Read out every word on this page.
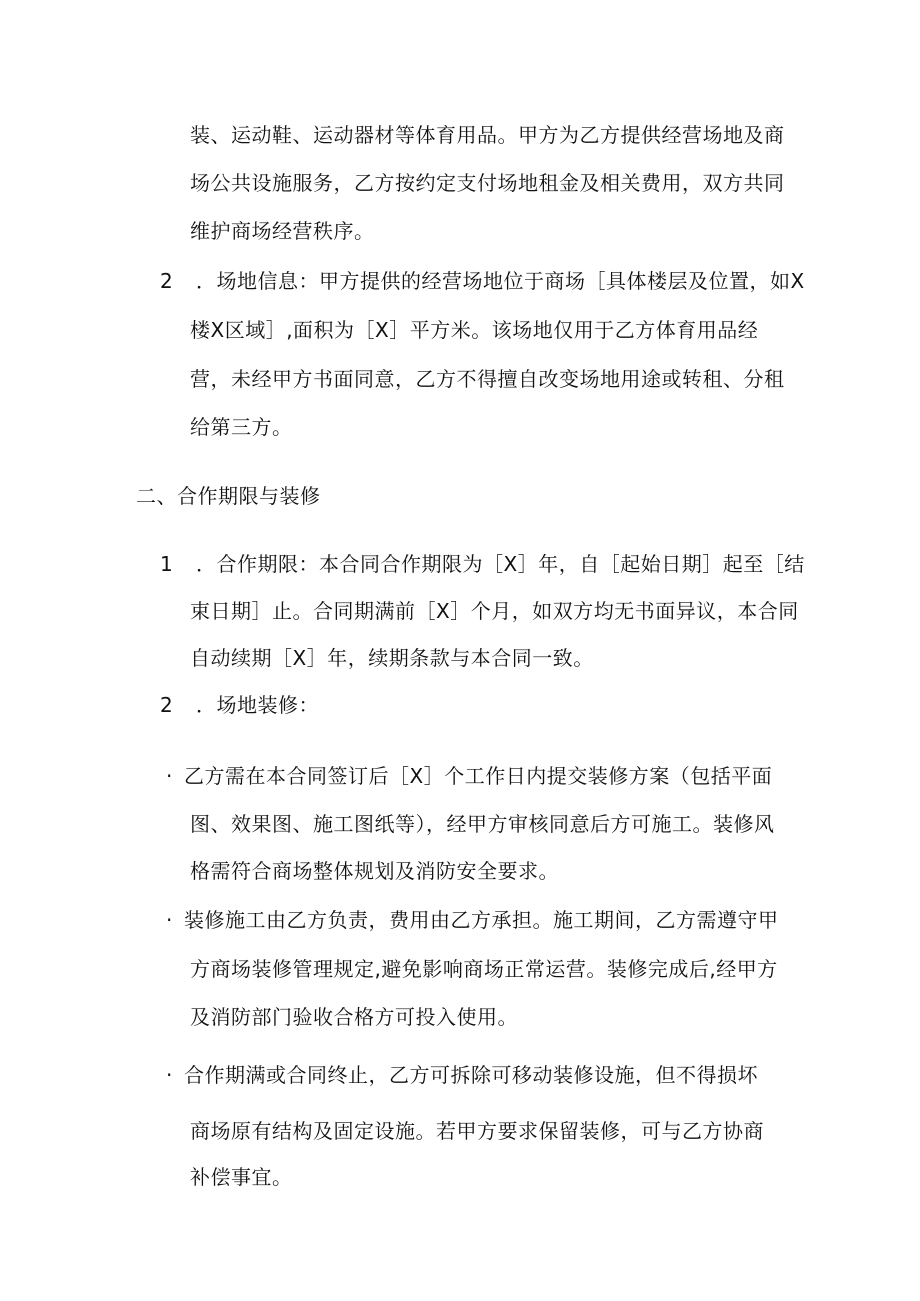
装、运动鞋、运动器材等体育用品。甲方为乙方提供经营场地及商
场公共设施服务，乙方按约定支付场地租金及相关费用，双方共同
维护商场经营秩序。
2 ．场地信息：甲方提供的经营场地位于商场［具体楼层及位置，如X
楼X区域］,面积为［X］平方米。该场地仅用于乙方体育用品经
营，未经甲方书面同意，乙方不得擅自改变场地用途或转租、分租
给第三方。
二、合作期限与装修
1 ．合作期限：本合同合作期限为［X］年，自［起始日期］起至［结
束日期］止。合同期满前［X］个月，如双方均无书面异议，本合同
自动续期［X］年，续期条款与本合同一致。
2 ．场地装修：
· 乙方需在本合同签订后［X］个工作日内提交装修方案（包括平面
图、效果图、施工图纸等），经甲方审核同意后方可施工。装修风
格需符合商场整体规划及消防安全要求。
· 装修施工由乙方负责，费用由乙方承担。施工期间，乙方需遵守甲
方商场装修管理规定,避免影响商场正常运营。装修完成后,经甲方
及消防部门验收合格方可投入使用。
· 合作期满或合同终止，乙方可拆除可移动装修设施，但不得损坏
商场原有结构及固定设施。若甲方要求保留装修，可与乙方协商
补偿事宜。
